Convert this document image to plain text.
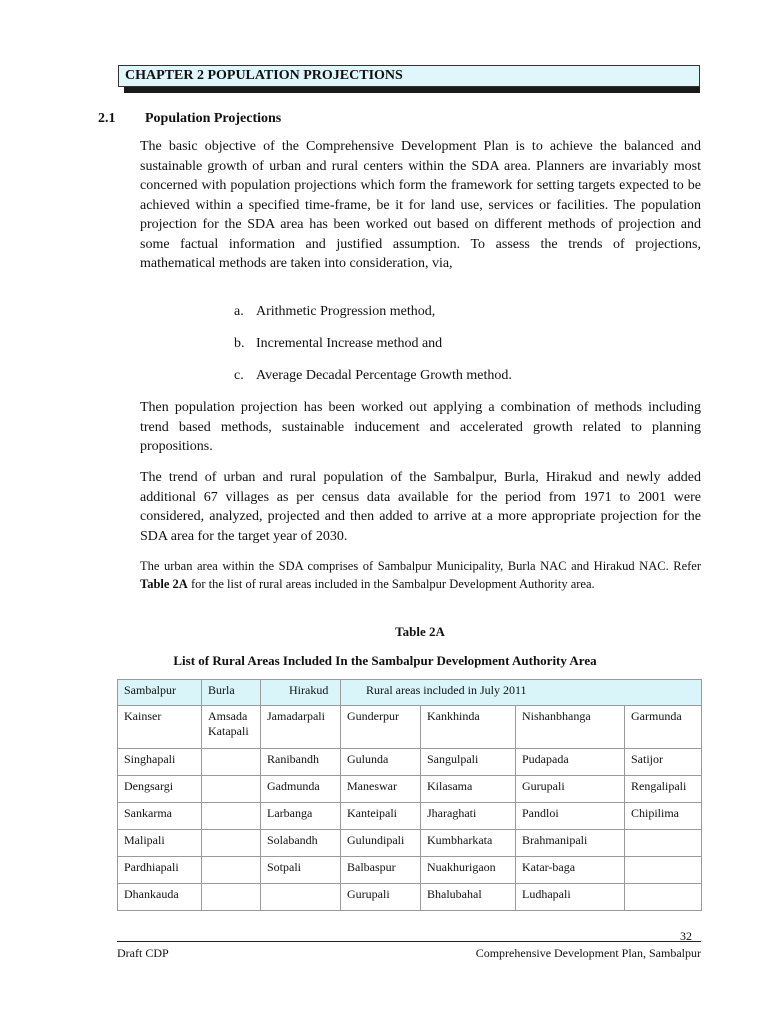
CHAPTER 2 POPULATION PROJECTIONS
2.1 Population Projections

The basic objective of the Comprehensive Development Plan is to achieve the balanced and sustainable growth of urban and rural centers within the SDA area. Planners are invariably most concerned with population projections which form the framework for setting targets expected to be achieved within a specified time-frame, be it for land use, services or facilities. The population projection for the SDA area has been worked out based on different methods of projection and some factual information and justified assumption. To assess the trends of projections, mathematical methods are taken into consideration, via,

a. Arithmetic Progression method,
b. Incremental Increase method and
c. Average Decadal Percentage Growth method.

Then population projection has been worked out applying a combination of methods including trend based methods, sustainable inducement and accelerated growth related to planning propositions.

The trend of urban and rural population of the Sambalpur, Burla, Hirakud and newly added additional 67 villages as per census data available for the period from 1971 to 2001 were considered, analyzed, projected and then added to arrive at a more appropriate projection for the SDA area for the target year of 2030.

The urban area within the SDA comprises of Sambalpur Municipality, Burla NAC and Hirakud NAC. Refer Table 2A for the list of rural areas included in the Sambalpur Development Authority area.

Table 2A
List of Rural Areas Included In the Sambalpur Development Authority Area
Sambalpur	Burla	Hirakud	Rural areas included in July 2011			
Kainser	Amsada Katapali	Jamadarpali	Gunderpur	Kankhinda	Nishanbhanga	Garmunda
Singhapali		Ranibandh	Gulunda	Sangulpali	Pudapada	Satijor
Dengsargi		Gadmunda	Maneswar	Kilasama	Gurupali	Rengalipali
Sankarma		Larbanga	Kanteipali	Jharaghati	Pandloi	Chipilima
Malipali		Solabandh	Gulundipali	Kumbharkata	Brahmanipali	
Pardhiapali		Sotpali	Balbaspur	Nuakhurigaon	Katar-baga	
Dhankauda			Gurupali	Bhalubahal	Ludhapali	
32
Draft CDP	Comprehensive Development Plan, Sambalpur
